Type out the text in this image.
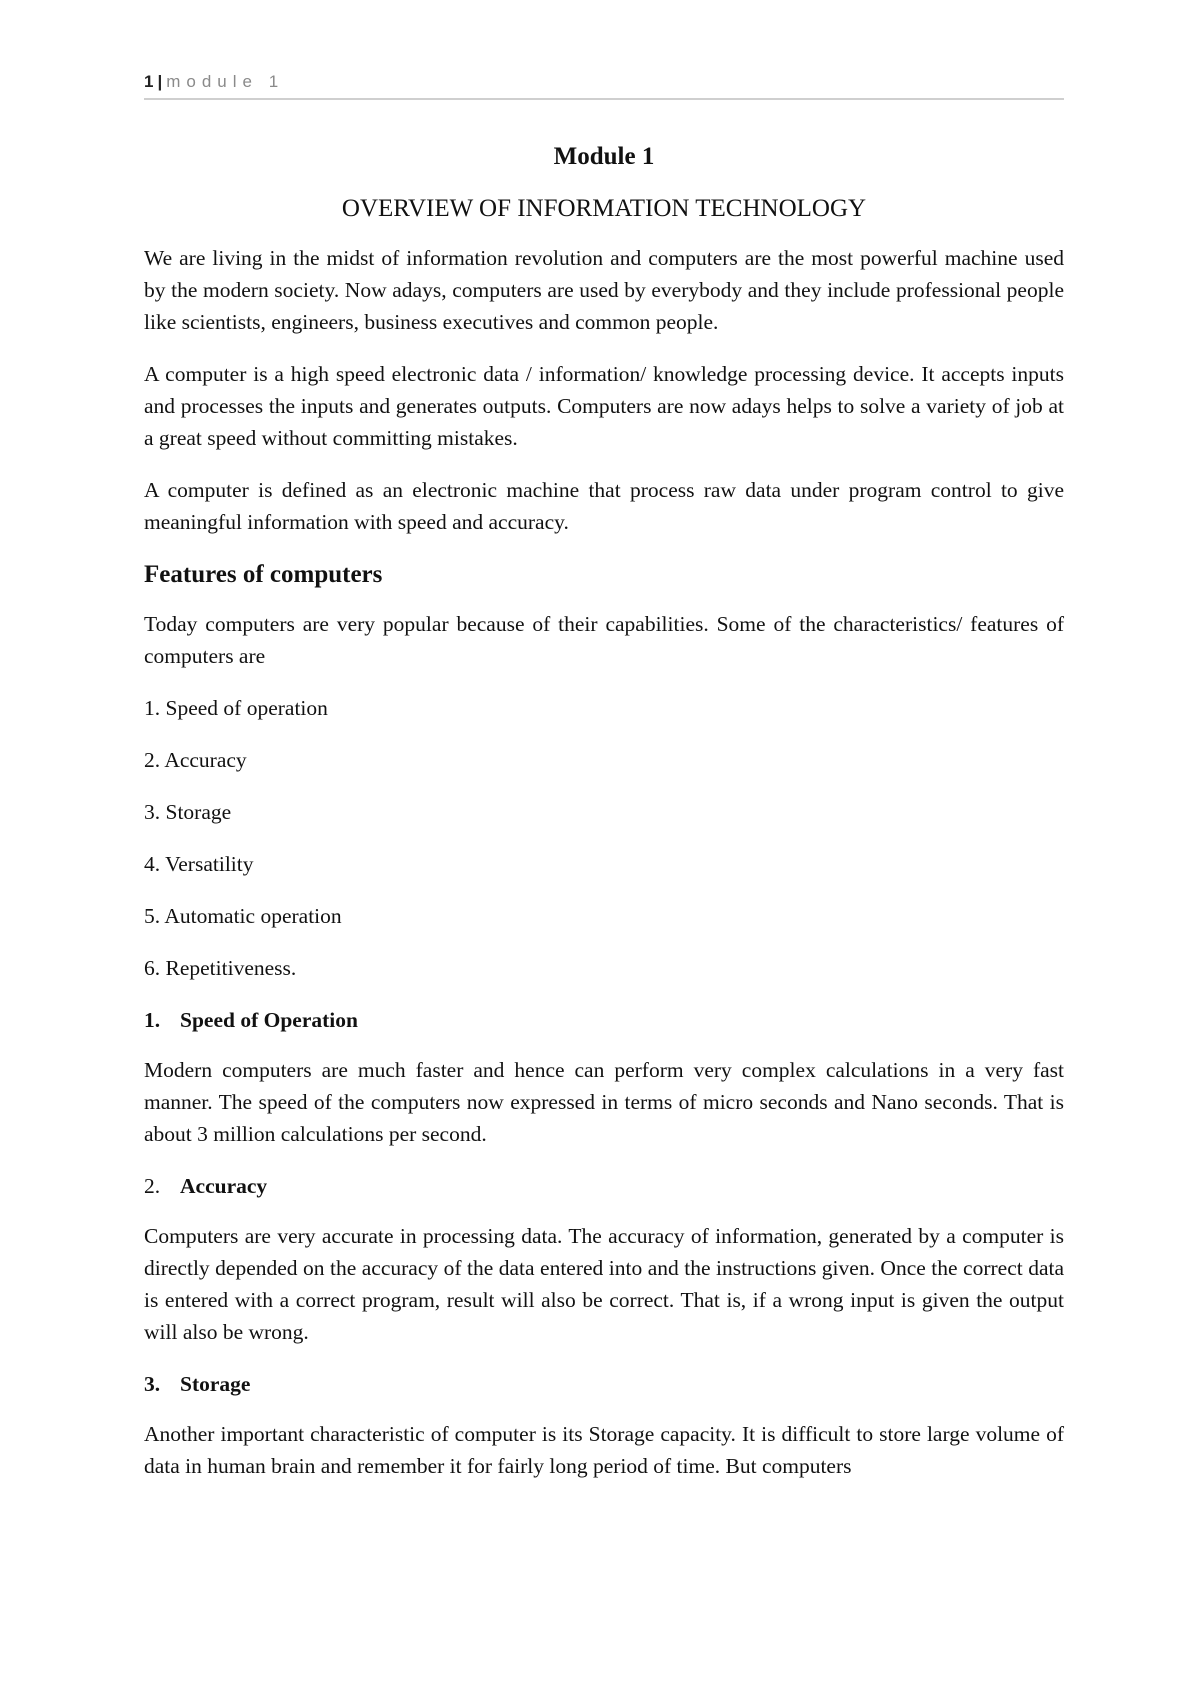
1 | module 1
Module 1
OVERVIEW OF INFORMATION TECHNOLOGY

We are living in the midst of information revolution and computers are the most powerful machine used by the modern society. Now adays, computers are used by everybody and they include professional people like scientists, engineers, business executives and common people.

A computer is a high speed electronic data / information/ knowledge processing device. It accepts inputs and processes the inputs and generates outputs. Computers are now adays helps to solve a variety of job at a great speed without committing mistakes.

A computer is defined as an electronic machine that process raw data under program control to give meaningful information with speed and accuracy.

Features of computers

Today computers are very popular because of their capabilities. Some of the characteristics/ features of computers are

1. Speed of operation
2. Accuracy
3. Storage
4. Versatility
5. Automatic operation
6. Repetitiveness.
1. Speed of Operation

Modern computers are much faster and hence can perform very complex calculations in a very fast manner. The speed of the computers now expressed in terms of micro seconds and Nano seconds. That is about 3 million calculations per second.

2. Accuracy

Computers are very accurate in processing data. The accuracy of information, generated by a computer is directly depended on the accuracy of the data entered into and the instructions given. Once the correct data is entered with a correct program, result will also be correct. That is, if a wrong input is given the output will also be wrong.

3. Storage

Another important characteristic of computer is its Storage capacity. It is difficult to store large volume of data in human brain and remember it for fairly long period of time. But computers
